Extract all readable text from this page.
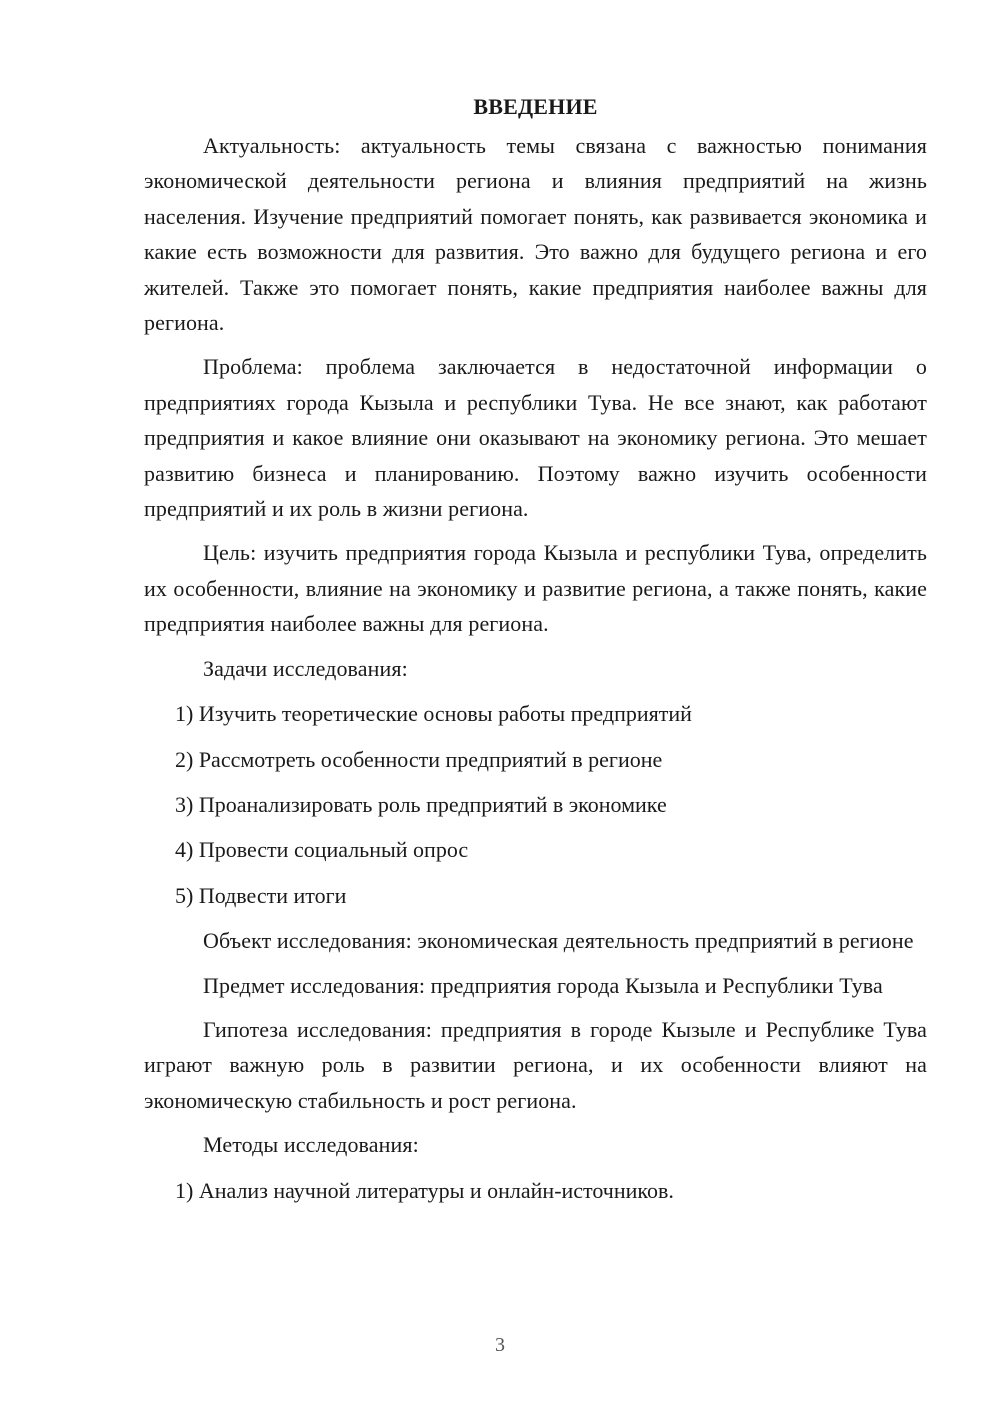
ВВЕДЕНИЕ

Актуальность: актуальность темы связана с важностью понимания экономической деятельности региона и влияния предприятий на жизнь населения. Изучение предприятий помогает понять, как развивается экономика и какие есть возможности для развития. Это важно для будущего региона и его жителей. Также это помогает понять, какие предприятия наиболее важны для региона.

Проблема: проблема заключается в недостаточной информации о предприятиях города Кызыла и республики Тува. Не все знают, как работают предприятия и какое влияние они оказывают на экономику региона. Это мешает развитию бизнеса и планированию. Поэтому важно изучить особенности предприятий и их роль в жизни региона.

Цель: изучить предприятия города Кызыла и республики Тува, определить их особенности, влияние на экономику и развитие региона, а также понять, какие предприятия наиболее важны для региона.

Задачи исследования:

1) Изучить теоретические основы работы предприятий
2) Рассмотреть особенности предприятий в регионе
3) Проанализировать роль предприятий в экономике
4) Провести социальный опрос
5) Подвести итоги

Объект исследования: экономическая деятельность предприятий в регионе

Предмет исследования: предприятия города Кызыла и Республики Тува

Гипотеза исследования: предприятия в городе Кызыле и Республике Тува играют важную роль в развитии региона, и их особенности влияют на экономическую стабильность и рост региона.

Методы исследования:

1) Анализ научной литературы и онлайн-источников.
3
